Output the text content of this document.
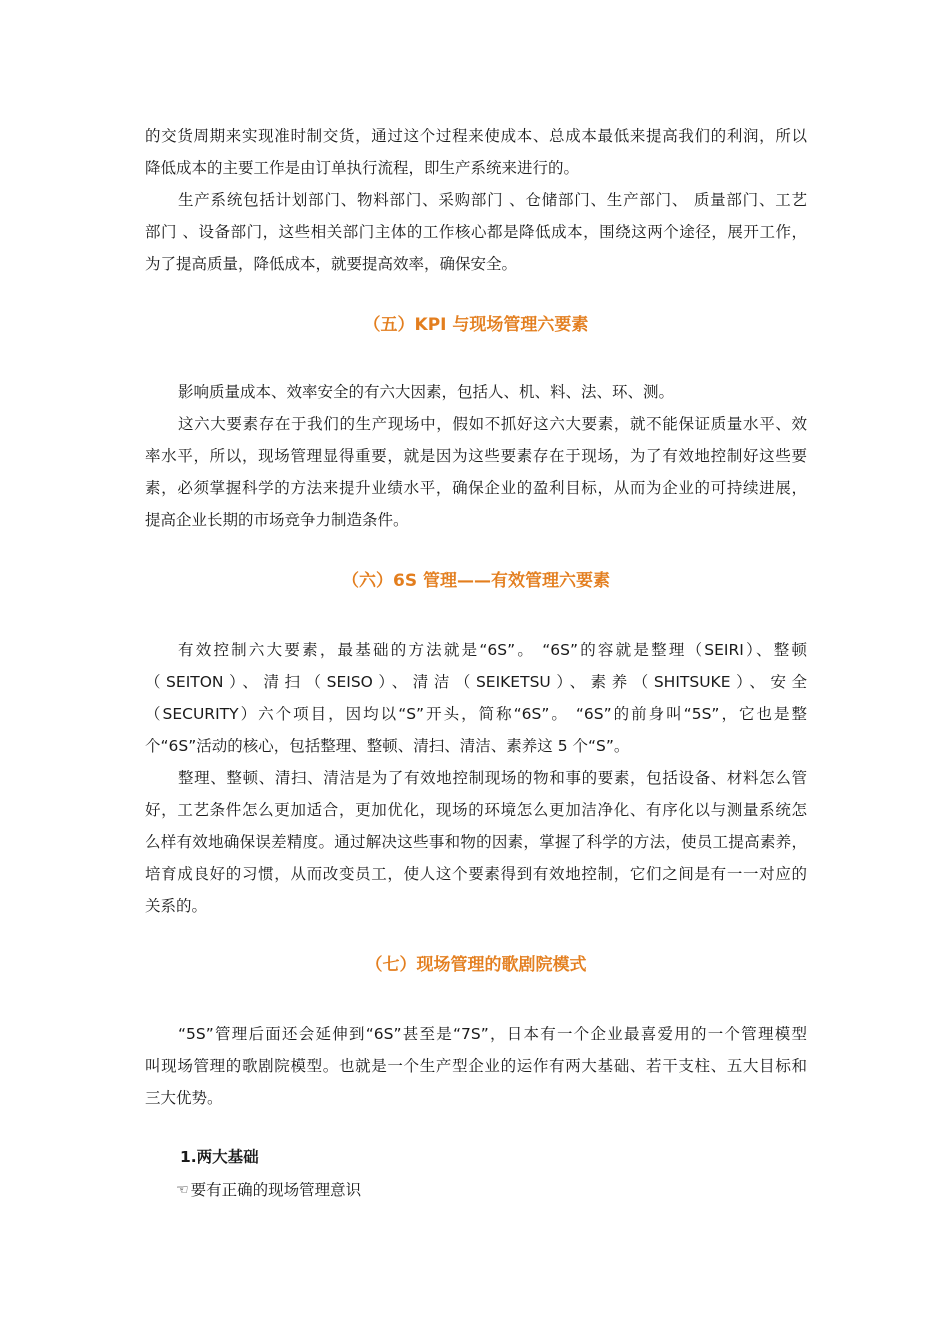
的交货周期来实现准时制交货，通过这个过程来使成本、总成本最低来提高我们的利润，所以
降低成本的主要工作是由订单执行流程，即生产系统来进行的。
生产系统包括计划部门、物料部门、采购部门 、仓储部门、生产部门、 质量部门、工艺
部门 、设备部门，这些相关部门主体的工作核心都是降低成本，围绕这两个途径，展开工作，
为了提高质量，降低成本，就要提高效率，确保安全。
（五）KPI 与现场管理六要素
影响质量成本、效率安全的有六大因素，包括人、机、料、法、环、测。
这六大要素存在于我们的生产现场中，假如不抓好这六大要素，就不能保证质量水平、效
率水平，所以，现场管理显得重要，就是因为这些要素存在于现场，为了有效地控制好这些要
素，必须掌握科学的方法来提升业绩水平，确保企业的盈利目标，从而为企业的可持续进展，
提高企业长期的市场竞争力制造条件。
（六）6S 管理——有效管理六要素
有效控制六大要素，最基础的方法就是“6S”。 “6S”的容就是整理（SEIRI）、整顿
（SEITON）、清扫（SEISO）、清洁（SEIKETSU）、素养（SHITSUKE）、安全
（SECURITY）六个项目，因均以“S”开头，简称“6S”。 “6S”的前身叫“5S”，它也是整
个“6S”活动的核心，包括整理、整顿、清扫、清洁、素养这 5 个“S”。
整理、整顿、清扫、清洁是为了有效地控制现场的物和事的要素，包括设备、材料怎么管
好，工艺条件怎么更加适合，更加优化，现场的环境怎么更加洁净化、有序化以与测量系统怎
么样有效地确保误差精度。通过解决这些事和物的因素，掌握了科学的方法，使员工提高素养，
培育成良好的习惯，从而改变员工，使人这个要素得到有效地控制，它们之间是有一一对应的
关系的。
（七）现场管理的歌剧院模式
“5S”管理后面还会延伸到“6S”甚至是“7S”，日本有一个企业最喜爱用的一个管理模型
叫现场管理的歌剧院模型。也就是一个生产型企业的运作有两大基础、若干支柱、五大目标和
三大优势。
1.两大基础
☞ 要有正确的现场管理意识
